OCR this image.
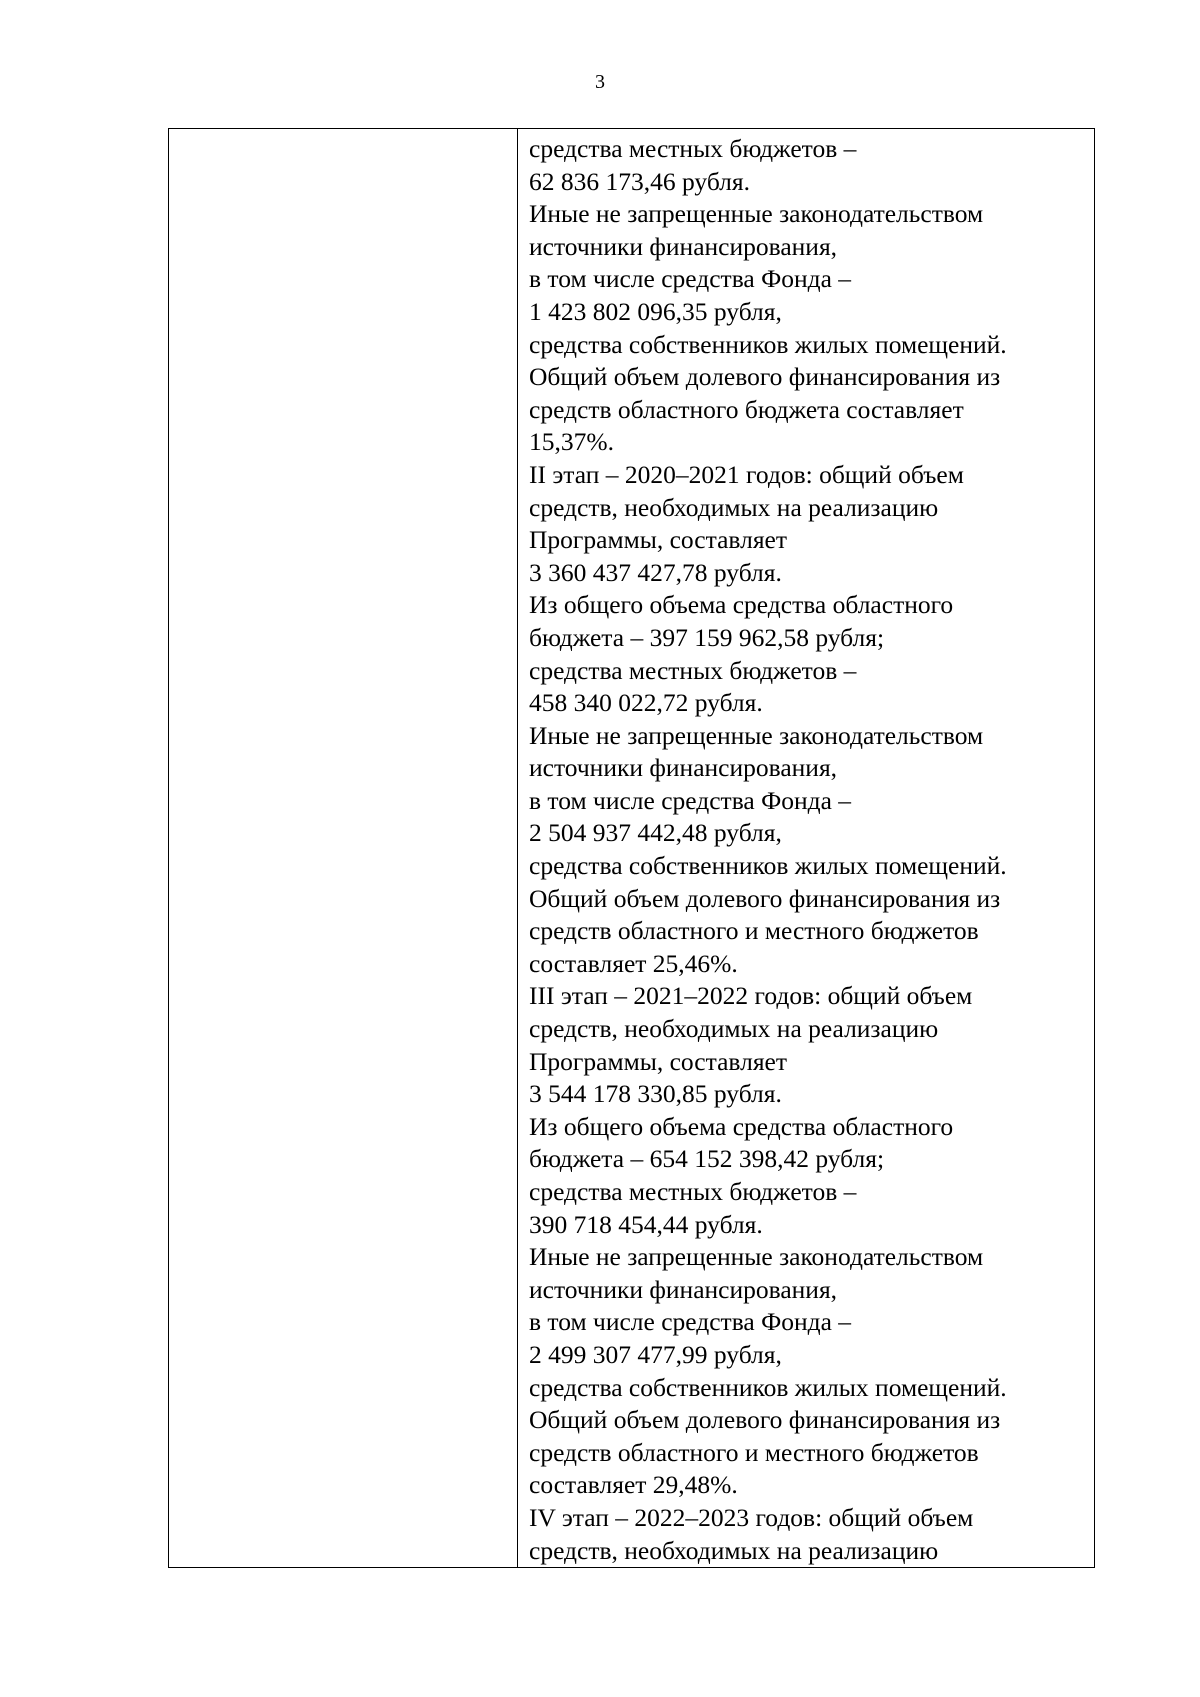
3

средства местных бюджетов –
62 836 173,46 рубля.
Иные не запрещенные законодательством
источники финансирования,
в том числе средства Фонда –
1 423 802 096,35 рубля,
средства собственников жилых помещений.
Общий объем долевого финансирования из
средств областного бюджета составляет
15,37%.
II этап – 2020–2021 годов: общий объем
средств, необходимых на реализацию
Программы, составляет
3 360 437 427,78 рубля.
Из общего объема средства областного
бюджета – 397 159 962,58 рубля;
средства местных бюджетов –
458 340 022,72 рубля.
Иные не запрещенные законодательством
источники финансирования,
в том числе средства Фонда –
2 504 937 442,48 рубля,
средства собственников жилых помещений.
Общий объем долевого финансирования из
средств областного и местного бюджетов
составляет 25,46%.
III этап – 2021–2022 годов: общий объем
средств, необходимых на реализацию
Программы, составляет
3 544 178 330,85 рубля.
Из общего объема средства областного
бюджета – 654 152 398,42 рубля;
средства местных бюджетов –
390 718 454,44 рубля.
Иные не запрещенные законодательством
источники финансирования,
в том числе средства Фонда –
2 499 307 477,99 рубля,
средства собственников жилых помещений.
Общий объем долевого финансирования из
средств областного и местного бюджетов
составляет 29,48%.
IV этап – 2022–2023 годов: общий объем
средств, необходимых на реализацию
